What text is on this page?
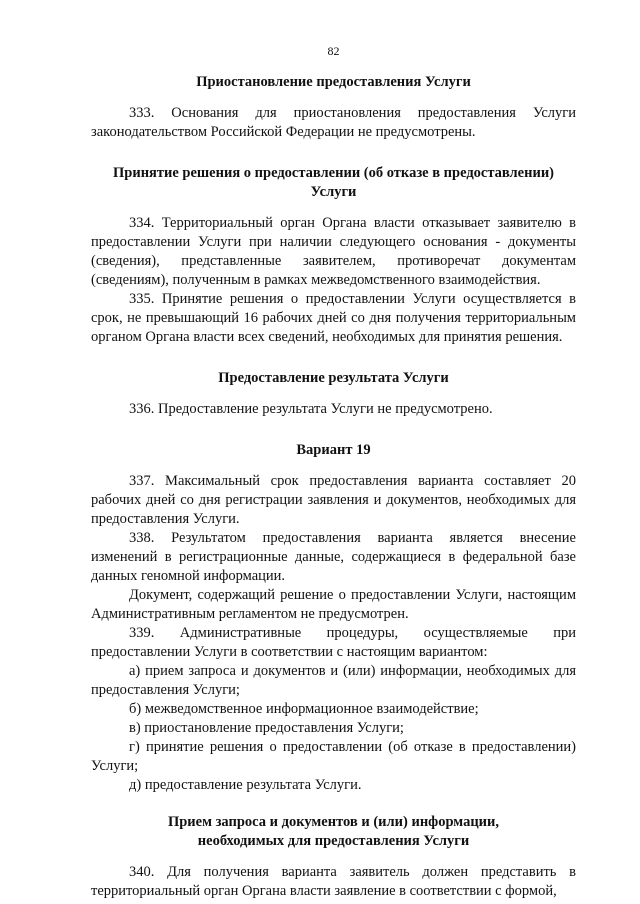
82
Приостановление предоставления Услуги

333. Основания для приостановления предоставления Услуги законодательством Российской Федерации не предусмотрены.

Принятие решения о предоставлении (об отказе в предоставлении) Услуги

334. Территориальный орган Органа власти отказывает заявителю в предоставлении Услуги при наличии следующего основания - документы (сведения), представленные заявителем, противоречат документам (сведениям), полученным в рамках межведомственного взаимодействия.

335. Принятие решения о предоставлении Услуги осуществляется в срок, не превышающий 16 рабочих дней со дня получения территориальным органом Органа власти всех сведений, необходимых для принятия решения.

Предоставление результата Услуги

336. Предоставление результата Услуги не предусмотрено.

Вариант 19

337. Максимальный срок предоставления варианта составляет 20 рабочих дней со дня регистрации заявления и документов, необходимых для предоставления Услуги.

338. Результатом предоставления варианта является внесение изменений в регистрационные данные, содержащиеся в федеральной базе данных геномной информации.

Документ, содержащий решение о предоставлении Услуги, настоящим Административным регламентом не предусмотрен.

339. Административные процедуры, осуществляемые при предоставлении Услуги в соответствии с настоящим вариантом:

а) прием запроса и документов и (или) информации, необходимых для предоставления Услуги;

б) межведомственное информационное взаимодействие;

в) приостановление предоставления Услуги;

г) принятие решения о предоставлении (об отказе в предоставлении) Услуги;

д) предоставление результата Услуги.

Прием запроса и документов и (или) информации, необходимых для предоставления Услуги

340. Для получения варианта заявитель должен представить в территориальный орган Органа власти заявление в соответствии с формой,
